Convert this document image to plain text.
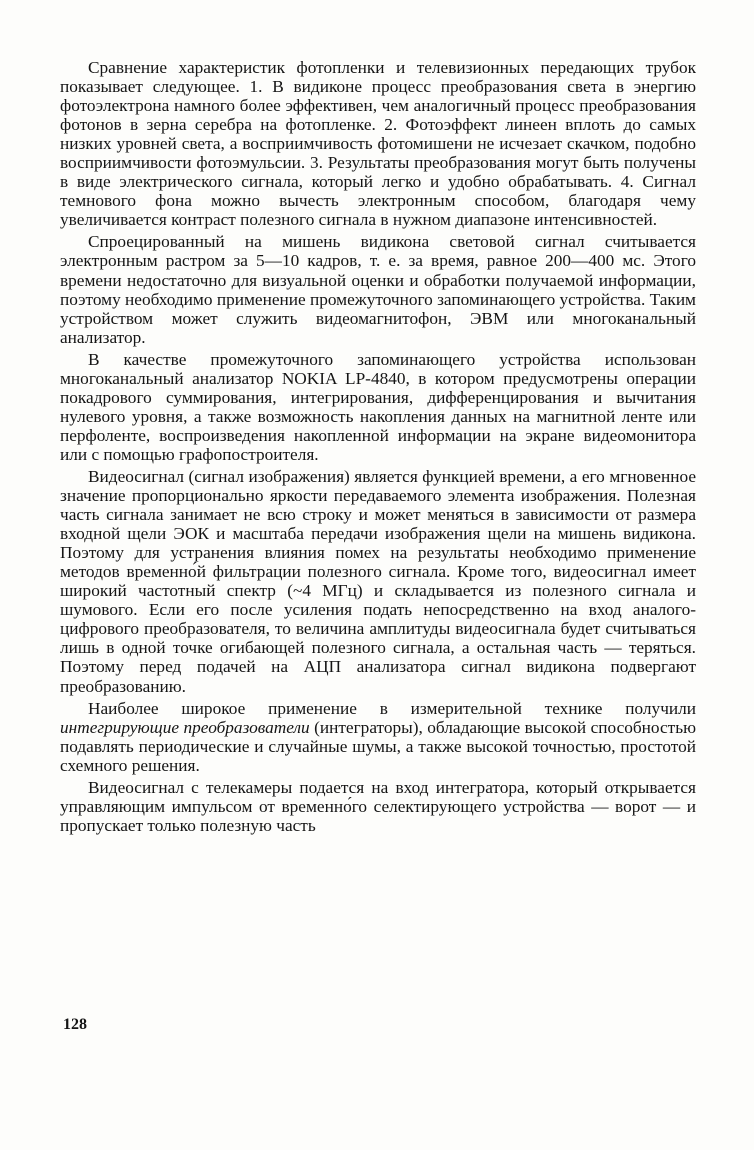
Сравнение характеристик фотопленки и телевизионных передающих трубок показывает следующее. 1. В видиконе процесс преобразования света в энергию фотоэлектрона намного более эффективен, чем аналогичный процесс преобразования фотонов в зерна серебра на фотопленке. 2. Фотоэффект линеен вплоть до самых низких уровней света, а восприимчивость фотомишени не исчезает скачком, подобно восприимчивости фотоэмульсии. 3. Результаты преобразования могут быть получены в виде электрического сигнала, который легко и удобно обрабатывать. 4. Сигнал темнового фона можно вычесть электронным способом, благодаря чему увеличивается контраст полезного сигнала в нужном диапазоне интенсивностей.

Спроецированный на мишень видикона световой сигнал считывается электронным растром за 5—10 кадров, т. е. за время, равное 200—400 мс. Этого времени недостаточно для визуальной оценки и обработки получаемой информации, поэтому необходимо применение промежуточного запоминающего устройства. Таким устройством может служить видеомагнитофон, ЭВМ или многоканальный анализатор.

В качестве промежуточного запоминающего устройства использован многоканальный анализатор NOKIA LP-4840, в котором предусмотрены операции покадрового суммирования, интегрирования, дифференцирования и вычитания нулевого уровня, а также возможность накопления данных на магнитной ленте или перфоленте, воспроизведения накопленной информации на экране видеомонитора или с помощью графопостроителя.

Видеосигнал (сигнал изображения) является функцией времени, а его мгновенное значение пропорционально яркости передаваемого элемента изображения. Полезная часть сигнала занимает не всю строку и может меняться в зависимости от размера входной щели ЭОК и масштаба передачи изображения щели на мишень видикона. Поэтому для устранения влияния помех на результаты необходимо применение методов временно́й фильтрации полезного сигнала. Кроме того, видеосигнал имеет широкий частотный спектр (~4 МГц) и складывается из полезного сигнала и шумового. Если его после усиления подать непосредственно на вход аналого-цифрового преобразователя, то величина амплитуды видеосигнала будет считываться лишь в одной точке огибающей полезного сигнала, а остальная часть — теряться. Поэтому перед подачей на АЦП анализатора сигнал видикона подвергают преобразованию.

Наиболее широкое применение в измерительной технике получили интегрирующие преобразователи (интеграторы), обладающие высокой способностью подавлять периодические и случайные шумы, а также высокой точностью, простотой схемного решения.

Видеосигнал с телекамеры подается на вход интегратора, который открывается управляющим импульсом от временно́го селектирующего устройства — ворот — и пропускает только полезную часть

128
